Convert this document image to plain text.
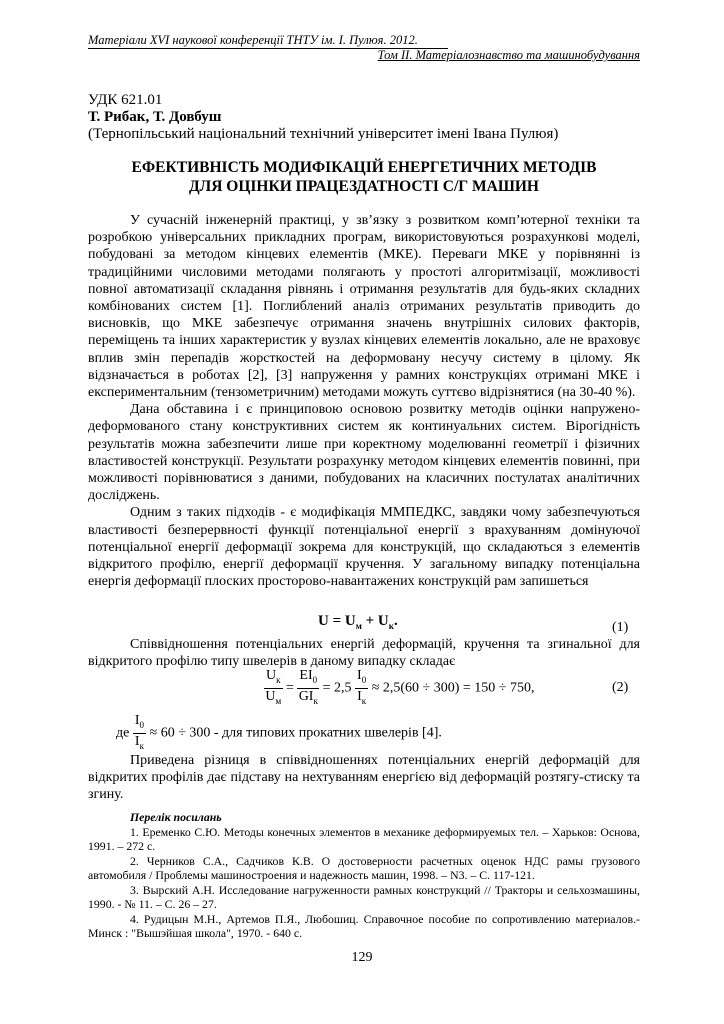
Матеріали XVI наукової конференції ТНТУ ім. І. Пулюя. 2012.
Том ІІ. Матеріалознавство та машинобудування
УДК 621.01
Т. Рибак, Т. Довбуш
(Тернопільський національний технічний університет імені Івана Пулюя)
ЕФЕКТИВНІСТЬ МОДИФІКАЦІЙ ЕНЕРГЕТИЧНИХ МЕТОДІВ
ДЛЯ ОЦІНКИ ПРАЦЕЗДАТНОСТІ С/Г МАШИН

У сучасній інженерній практиці, у зв’язку з розвитком комп’ютерної техніки та розробкою універсальних прикладних програм, використовуються розрахункові моделі, побудовані за методом кінцевих елементів (МКЕ). Переваги МКЕ у порівнянні із традиційними числовими методами полягають у простоті алгоритмізації, можливості повної автоматизації складання рівнянь і отримання результатів для будь-яких складних комбінованих систем [1]. Поглиблений аналіз отриманих результатів приводить до висновків, що МКЕ забезпечує отримання значень внутрішніх силових факторів, переміщень та інших характеристик у вузлах кінцевих елементів локально, але не враховує вплив змін перепадів жорсткостей на деформовану несучу систему в цілому. Як відзначається в роботах [2], [3] напруження у рамних конструкціях отримані МКЕ і експериментальним (тензометричним) методами можуть суттєво відрізнятися (на 30-40 %).

Дана обставина і є принциповою основою розвитку методів оцінки напружено-деформованого стану конструктивних систем як континуальних систем. Вірогідність результатів можна забезпечити лише при коректному моделюванні геометрії і фізичних властивостей конструкції. Результати розрахунку методом кінцевих елементів повинні, при можливості порівнюватися з даними, побудованих на класичних постулатах аналітичних досліджень.

Одним з таких підходів - є модифікація ММПЕДКС, завдяки чому забезпечуються властивості безперервності функції потенціальної енергії з врахуванням домінуючої потенціальної енергії деформації зокрема для конструкцій, що складаються з елементів відкритого профілю, енергії деформації кручення. У загальному випадку потенціальна енергія деформації плоских просторово-навантажених конструкцій рам запишеться

$U = U_м + U_к$.	(1)

Співвідношення потенціальних енергій деформацій, кручення та згинальної для відкритого профілю типу швелерів в даному випадку складає

$\frac{U_к}{U_м} = \frac{EI_0}{GI_к} = 2,5 \frac{I_0}{I_к} \approx 2,5(60 \div 300) = 150 \div 750$,	(2)
де $\frac{I_0}{I_к} \approx 60 \div 300$ - для типових прокатних швелерів [4].

Приведена різниця в співвідношеннях потенціальних енергій деформацій для відкритих профілів дає підставу на нехтуванням енергією від деформацій розтягу-стиску та згину.

Перелік посилань

1. Еременко С.Ю. Методы конечных элементов в механике деформируемых тел. – Харьков: Основа, 1991. – 272 с.

2. Черников С.А., Садчиков К.В. О достоверности расчетных оценок НДС рамы грузового автомобиля / Проблемы машиностроения и надежность машин, 1998. – N3. – С. 117-121.

3. Вырский А.Н. Исследование нагруженности рамных конструкций // Тракторы и сельхозмашины, 1990. - № 11. – С. 26 – 27.

4. Рудицын М.Н., Артемов П.Я., Любошиц. Справочное пособие по сопротивлению материалов.- Минск : "Вышэйшая школа", 1970. - 640 с.

129
